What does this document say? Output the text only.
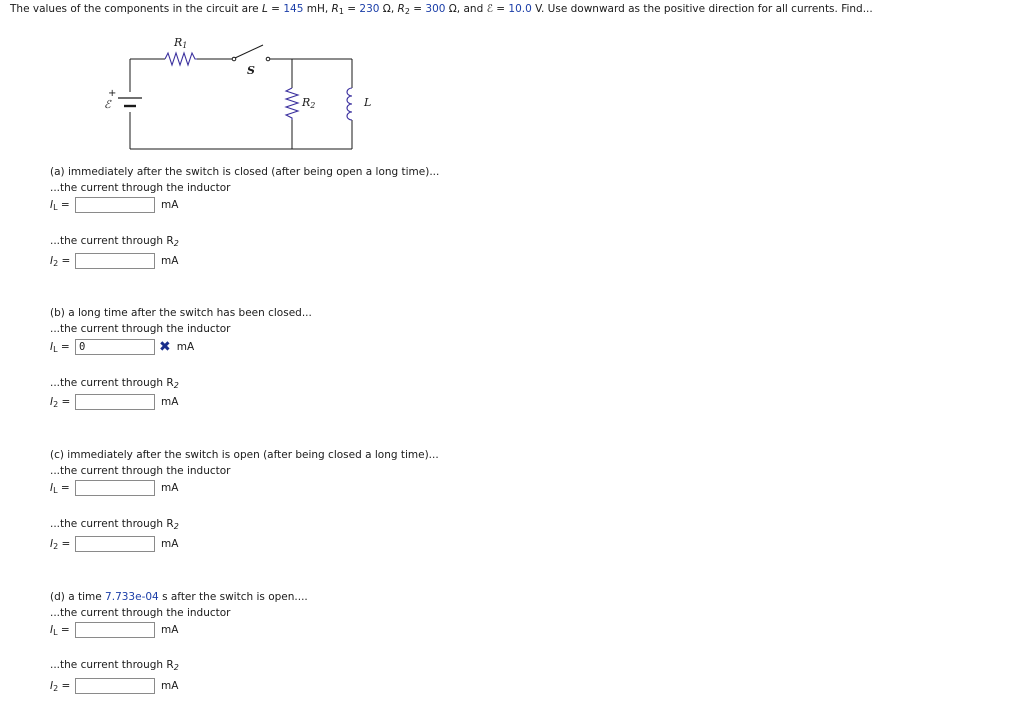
The values of the components in the circuit are L = 145 mH, $R_1 = 230$ Ω, $R_2 = 300$ Ω, and ℰ = 10.0 V. Use downward as the positive direction for all currents. Find...
ℰ
+
R1
S
R2	L
(a) immediately after the switch is closed (after being open a long time)...
...the current through the inductor
$I_L$ =	mA
...the current through $R_2$
$I_2$ =	mA
(b) a long time after the switch has been closed...
...the current through the inductor
$I_L$ =
0	✖ mA
...the current through $R_2$
$I_2$ =	mA
(c) immediately after the switch is open (after being closed a long time)...
...the current through the inductor
$I_L$ =	mA
...the current through $R_2$
$I_2$ =	mA
(d) a time 7.733e-04 s after the switch is open....
...the current through the inductor
$I_L$ =	mA
...the current through $R_2$
$I_2$ =	mA
